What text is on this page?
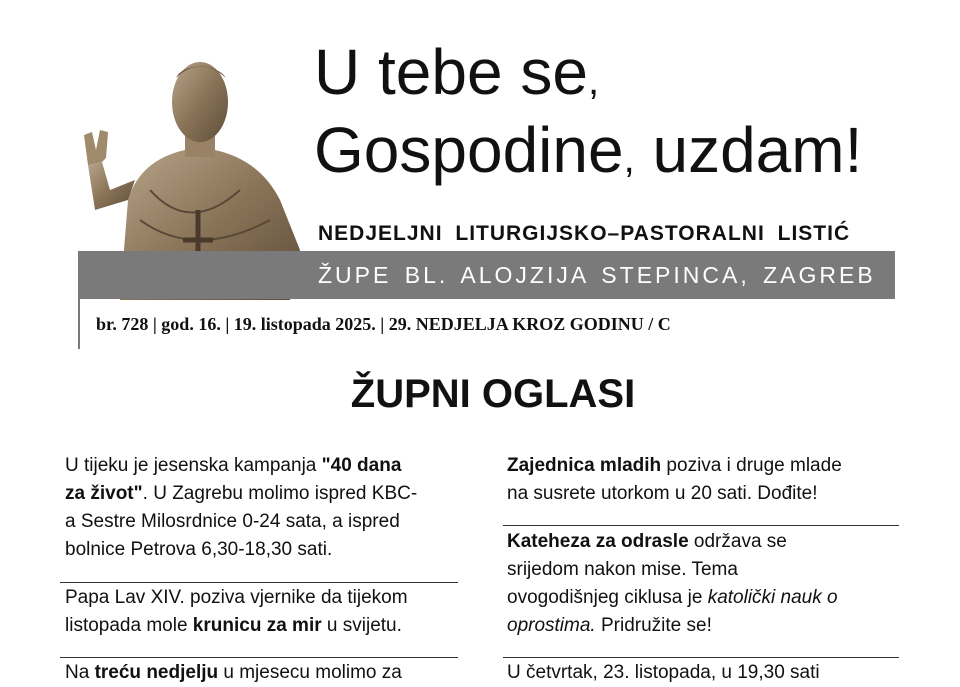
U tebe se,
Gospodine, uzdam!
NEDJELJNI LITURGIJSKO–PASTORALNI LISTIĆ
ŽUPE BL. ALOJZIJA STEPINCA, ZAGREB
br. 728 | god. 16. | 19. listopada 2025. | 29. NEDJELJA KROZ GODINU / C
ŽUPNI OGLASI

U tijeku je jesenska kampanja "40 dana

za život". U Zagrebu molimo ispred KBC-

a Sestre Milosrdnice 0-24 sata, a ispred

bolnice Petrova 6,30-18,30 sati.

Papa Lav XIV. poziva vjernike da tijekom

listopada mole krunicu za mir u svijetu.

Na treću nedjelju u mjesecu molimo za

Zajednica mladih poziva i druge mlade

na susrete utorkom u 20 sati. Dođite!

Kateheza za odrasle održava se

srijedom nakon mise. Tema

ovogodišnjeg ciklusa je katolički nauk o

oprostima. Pridružite se!

U četvrtak, 23. listopada, u 19,30 sati
